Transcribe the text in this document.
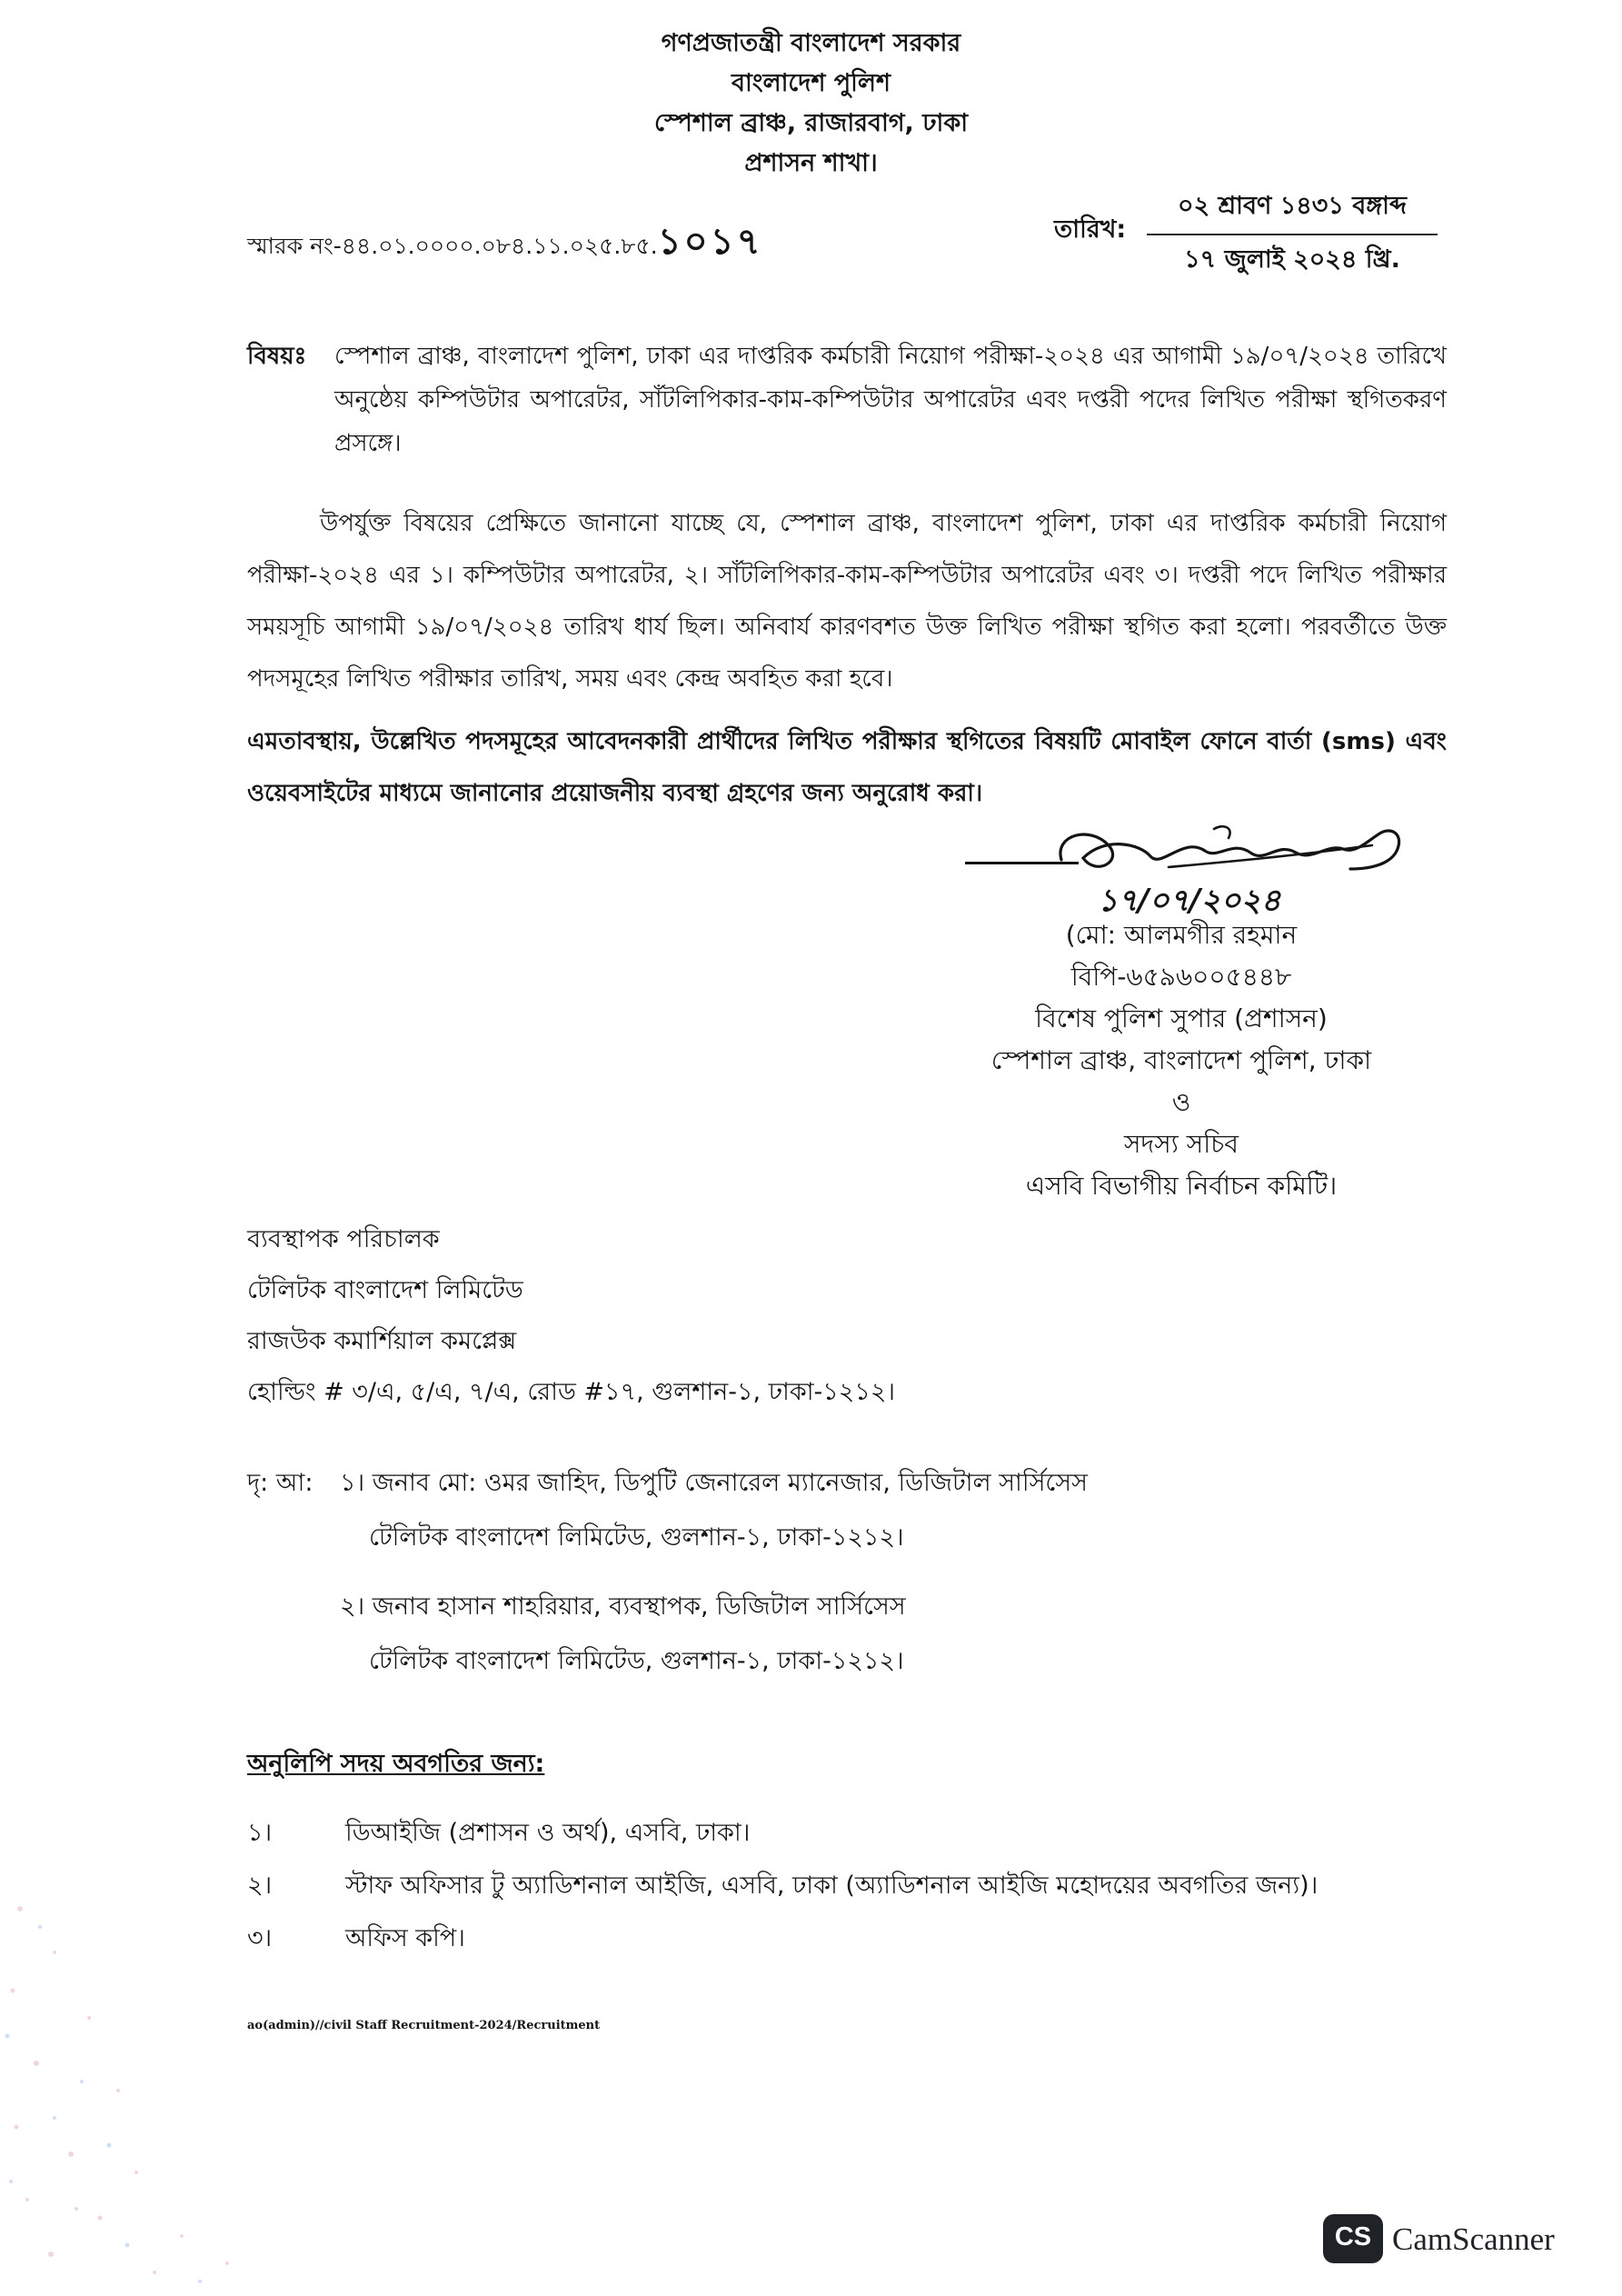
গণপ্রজাতন্ত্রী বাংলাদেশ সরকার
বাংলাদেশ পুলিশ
স্পেশাল ব্রাঞ্চ, রাজারবাগ, ঢাকা
প্রশাসন শাখা।
স্মারক নং-৪৪.০১.০০০০.০৮৪.১১.০২৫.৮৫.১০১৭	তারিখ:
০২ শ্রাবণ ১৪৩১ বঙ্গাব্দ
১৭ জুলাই ২০২৪ খ্রি.
বিষয়ঃ স্পেশাল ব্রাঞ্চ, বাংলাদেশ পুলিশ, ঢাকা এর দাপ্তরিক কর্মচারী নিয়োগ পরীক্ষা-২০২৪ এর আগামী ১৯/০৭/২০২৪ তারিখে অনুষ্ঠেয় কম্পিউটার অপারেটর, সাঁটলিপিকার-কাম-কম্পিউটার অপারেটর এবং দপ্তরী পদের লিখিত পরীক্ষা স্থগিতকরণ প্রসঙ্গে।
উপর্যুক্ত বিষয়ের প্রেক্ষিতে জানানো যাচ্ছে যে, স্পেশাল ব্রাঞ্চ, বাংলাদেশ পুলিশ, ঢাকা এর দাপ্তরিক কর্মচারী নিয়োগ পরীক্ষা-২০২৪ এর ১। কম্পিউটার অপারেটর, ২। সাঁটলিপিকার-কাম-কম্পিউটার অপারেটর এবং ৩। দপ্তরী পদে লিখিত পরীক্ষার সময়সূচি আগামী ১৯/০৭/২০২৪ তারিখ ধার্য ছিল। অনিবার্য কারণবশত উক্ত লিখিত পরীক্ষা স্থগিত করা হলো। পরবর্তীতে উক্ত পদসমূহের লিখিত পরীক্ষার তারিখ, সময় এবং কেন্দ্র অবহিত করা হবে।
এমতাবস্থায়, উল্লেখিত পদসমূহের আবেদনকারী প্রার্থীদের লিখিত পরীক্ষার স্থগিতের বিষয়টি মোবাইল ফোনে বার্তা (sms) এবং ওয়েবসাইটের মাধ্যমে জানানোর প্রয়োজনীয় ব্যবস্থা গ্রহণের জন্য অনুরোধ করা।
১৭/০৭/২০২৪
(মো: আলমগীর রহমান
বিপি-৬৫৯৬০০৫৪৪৮
বিশেষ পুলিশ সুপার (প্রশাসন)
স্পেশাল ব্রাঞ্চ, বাংলাদেশ পুলিশ, ঢাকা
ও
সদস্য সচিব
এসবি বিভাগীয় নির্বাচন কমিটি।
ব্যবস্থাপক পরিচালক
টেলিটক বাংলাদেশ লিমিটেড
রাজউক কমার্শিয়াল কমপ্লেক্স
হোল্ডিং # ৩/এ, ৫/এ, ৭/এ, রোড #১৭, গুলশান-১, ঢাকা-১২১২।
দৃ: আ: ১। জনাব মো: ওমর জাহিদ, ডিপুটি জেনারেল ম্যানেজার, ডিজিটাল সার্সিসেস
টেলিটক বাংলাদেশ লিমিটেড, গুলশান-১, ঢাকা-১২১২।
২। জনাব হাসান শাহরিয়ার, ব্যবস্থাপক, ডিজিটাল সার্সিসেস
টেলিটক বাংলাদেশ লিমিটেড, গুলশান-১, ঢাকা-১২১২।
অনুলিপি সদয় অবগতির জন্য:
১।	ডিআইজি (প্রশাসন ও অর্থ), এসবি, ঢাকা।
২।	স্টাফ অফিসার টু অ্যাডিশনাল আইজি, এসবি, ঢাকা (অ্যাডিশনাল আইজি মহোদয়ের অবগতির জন্য)।
৩।	অফিস কপি।
ao(admin)//civil Staff Recruitment-2024/Recruitment
CS CamScanner
